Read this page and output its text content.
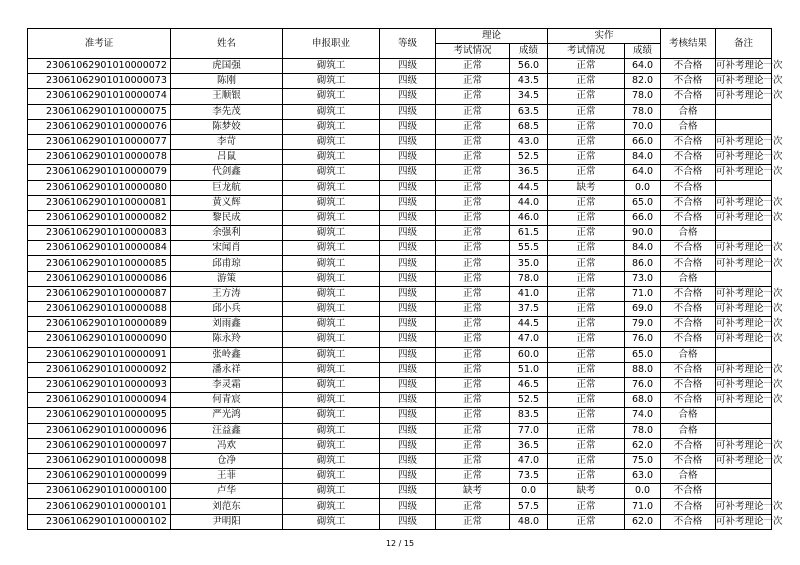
准考证	姓名	申报职业	等级	理论		实作		考核结果	备注
				考试情况	成绩	考试情况	成绩		
23061062901010000072	虎国强	砌筑工	四级	正常	56.0	正常	64.0	不合格	可补考理论一次
23061062901010000073	陈刚	砌筑工	四级	正常	43.5	正常	82.0	不合格	可补考理论一次
23061062901010000074	王顺银	砌筑工	四级	正常	34.5	正常	78.0	不合格	可补考理论一次
23061062901010000075	李先茂	砌筑工	四级	正常	63.5	正常	78.0	合格	
23061062901010000076	陈梦姣	砌筑工	四级	正常	68.5	正常	70.0	合格	
23061062901010000077	李苛	砌筑工	四级	正常	43.0	正常	66.0	不合格	可补考理论一次
23061062901010000078	吕鼠	砌筑工	四级	正常	52.5	正常	84.0	不合格	可补考理论一次
23061062901010000079	代剑鑫	砌筑工	四级	正常	36.5	正常	64.0	不合格	可补考理论一次
23061062901010000080	巨龙航	砌筑工	四级	正常	44.5	缺考	0.0	不合格	
23061062901010000081	黄义辉	砌筑工	四级	正常	44.0	正常	65.0	不合格	可补考理论一次
23061062901010000082	黎民成	砌筑工	四级	正常	46.0	正常	66.0	不合格	可补考理论一次
23061062901010000083	余强利	砌筑工	四级	正常	61.5	正常	90.0	合格	
23061062901010000084	宋闻肖	砌筑工	四级	正常	55.5	正常	84.0	不合格	可补考理论一次
23061062901010000085	邱甫琼	砌筑工	四级	正常	35.0	正常	86.0	不合格	可补考理论一次
23061062901010000086	游策	砌筑工	四级	正常	78.0	正常	73.0	合格	
23061062901010000087	王方涛	砌筑工	四级	正常	41.0	正常	71.0	不合格	可补考理论一次
23061062901010000088	邱小兵	砌筑工	四级	正常	37.5	正常	69.0	不合格	可补考理论一次
23061062901010000089	刘雨鑫	砌筑工	四级	正常	44.5	正常	79.0	不合格	可补考理论一次
23061062901010000090	陈永羚	砌筑工	四级	正常	47.0	正常	76.0	不合格	可补考理论一次
23061062901010000091	张岭鑫	砌筑工	四级	正常	60.0	正常	65.0	合格	
23061062901010000092	潘永祥	砌筑工	四级	正常	51.0	正常	88.0	不合格	可补考理论一次
23061062901010000093	李灵霜	砌筑工	四级	正常	46.5	正常	76.0	不合格	可补考理论一次
23061062901010000094	何青宸	砌筑工	四级	正常	52.5	正常	68.0	不合格	可补考理论一次
23061062901010000095	严光鸿	砌筑工	四级	正常	83.5	正常	74.0	合格	
23061062901010000096	汪益鑫	砌筑工	四级	正常	77.0	正常	78.0	合格	
23061062901010000097	冯欢	砌筑工	四级	正常	36.5	正常	62.0	不合格	可补考理论一次
23061062901010000098	仓净	砌筑工	四级	正常	47.0	正常	75.0	不合格	可补考理论一次
23061062901010000099	王菲	砌筑工	四级	正常	73.5	正常	63.0	合格	
23061062901010000100	卢华	砌筑工	四级	缺考	0.0	缺考	0.0	不合格	
23061062901010000101	刘范东	砌筑工	四级	正常	57.5	正常	71.0	不合格	可补考理论一次
23061062901010000102	尹明阳	砌筑工	四级	正常	48.0	正常	62.0	不合格	可补考理论一次
12 / 15
